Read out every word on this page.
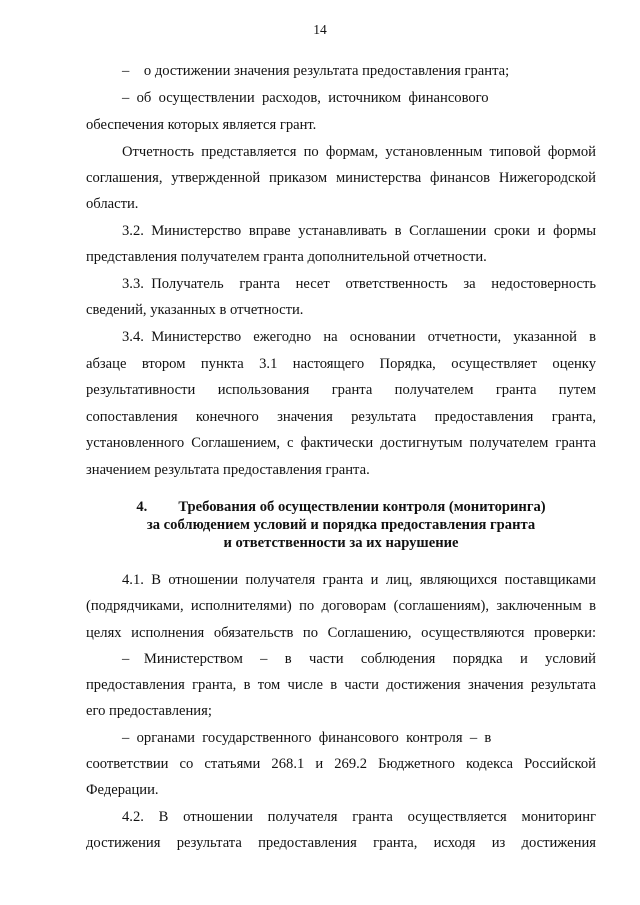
14
–  о достижении значения результата предоставления гранта;
– об осуществлении расходов, источником финансового
обеспечения которых является грант.
Отчетность представляется по формам, установленным типовой формой
соглашения, утвержденной приказом министерства финансов Нижегородской
области.
3.2. Министерство вправе устанавливать в Соглашении сроки и формы
представления получателем гранта дополнительной отчетности.
3.3. Получатель гранта несет ответственность за недостоверность
сведений, указанных в отчетности.
3.4. Министерство ежегодно на основании отчетности, указанной в
абзаце втором пункта 3.1 настоящего Порядка, осуществляет оценку
результативности использования гранта получателем гранта путем
сопоставления конечного значения результата предоставления гранта,
установленного Соглашением, с фактически достигнутым получателем гранта
значением результата предоставления гранта.
4. Требования об осуществлении контроля (мониторинга)
за соблюдением условий и порядка предоставления гранта
и ответственности за их нарушение
4.1. В отношении получателя гранта и лиц, являющихся поставщиками
(подрядчиками, исполнителями) по договорам (соглашениям), заключенным в
целях исполнения обязательств по Соглашению, осуществляются проверки:
–  Министерством – в части соблюдения порядка и условий
предоставления гранта, в том числе в части достижения значения результата
его предоставления;
– органами государственного финансового контроля – в
соответствии со статьями 268.1 и 269.2 Бюджетного кодекса Российской
Федерации.
4.2. В отношении получателя гранта осуществляется мониторинг
достижения результата предоставления гранта, исходя из достижения
